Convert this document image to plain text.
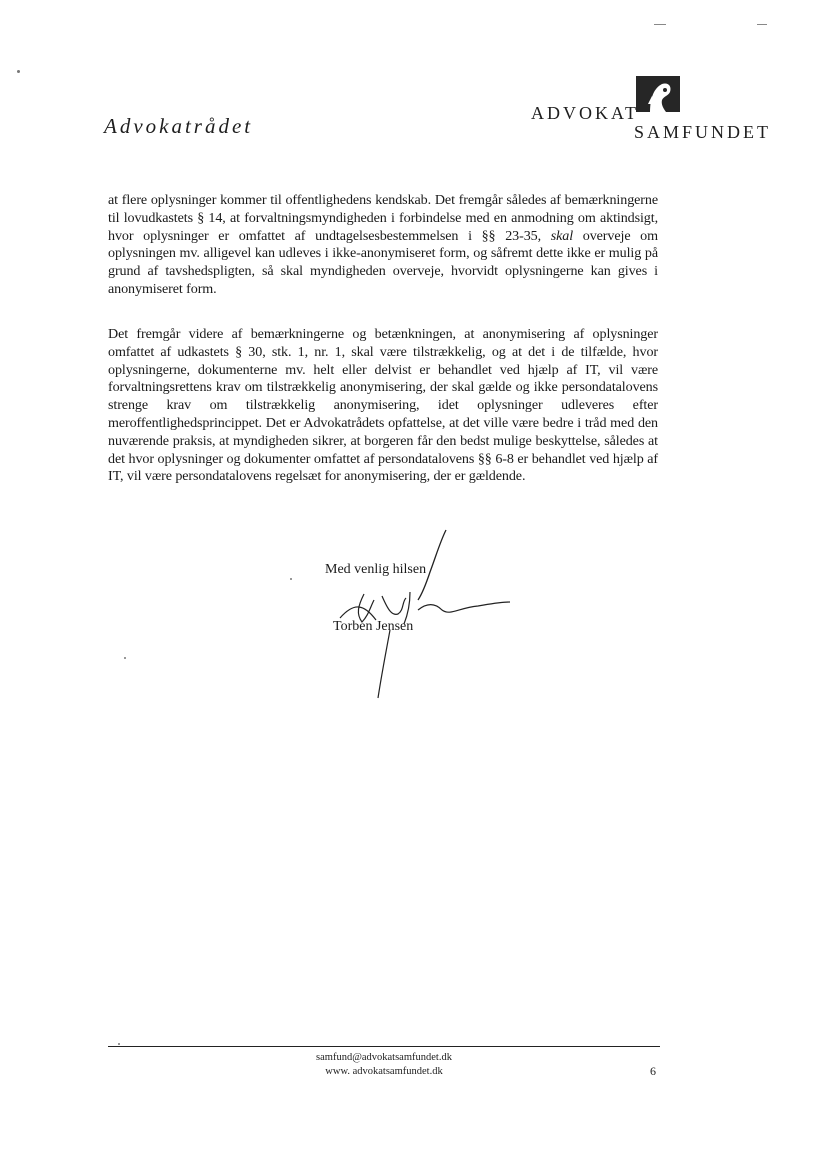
Advokatrådet
ADVOKAT
SAMFUNDET
at flere oplysninger kommer til offentlighedens kendskab. Det fremgår således af bemærkningerne til lovudkastets § 14, at forvaltningsmyndigheden i forbindelse med en anmodning om aktindsigt, hvor oplysninger er omfattet af undtagelsesbestemmelsen i §§ 23-35, skal overveje om oplysningen mv. alligevel kan udleves i ikke-anonymiseret form, og såfremt dette ikke er mulig på grund af tavshedspligten, så skal myndigheden overveje, hvorvidt oplysningerne kan gives i anonymiseret form.
Det fremgår videre af bemærkningerne og betænkningen, at anonymisering af oplysninger omfattet af udkastets § 30, stk. 1, nr. 1, skal være tilstrækkelig, og at det i de tilfælde, hvor oplysningerne, dokumenterne mv. helt eller delvist er behandlet ved hjælp af IT, vil være forvaltningsrettens krav om tilstrækkelig anonymisering, der skal gælde og ikke persondatalovens strenge krav om tilstrækkelig anonymisering, idet oplysninger udleveres efter meroffentlighedsprincippet. Det er Advokatrådets opfattelse, at det ville være bedre i tråd med den nuværende praksis, at myndigheden sikrer, at borgeren får den bedst mulige beskyttelse, således at det hvor oplysninger og dokumenter omfattet af persondatalovens §§ 6-8 er behandlet ved hjælp af IT, vil være persondatalovens regelsæt for anonymisering, der er gældende.
Med venlig hilsen
Torben Jensen
samfund@advokatsamfundet.dk
www. advokatsamfundet.dk	6
